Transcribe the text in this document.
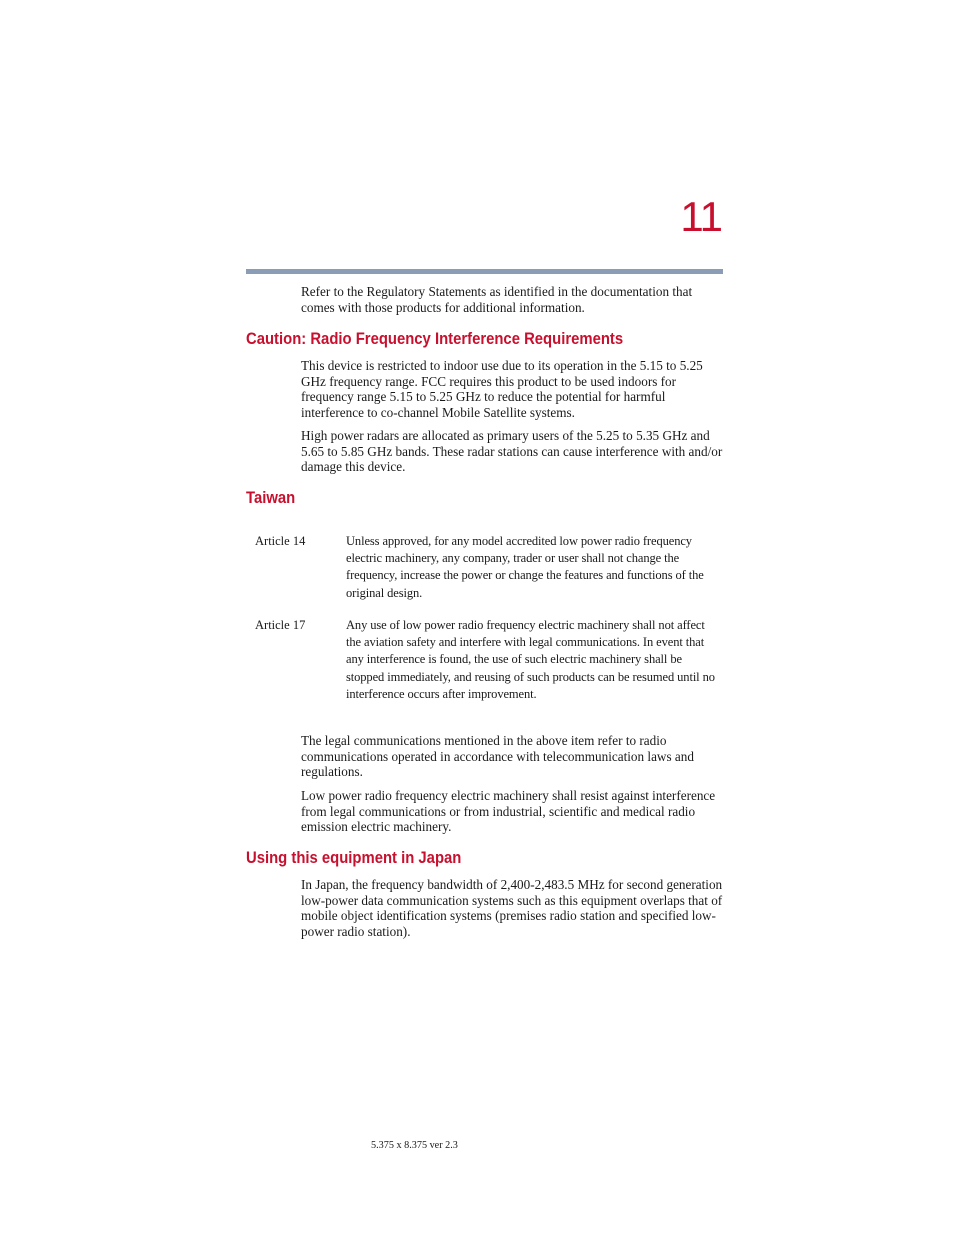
11

Refer to the Regulatory Statements as identified in the documentation that comes with those products for additional information.

Caution: Radio Frequency Interference Requirements

This device is restricted to indoor use due to its operation in the 5.15 to 5.25 GHz frequency range. FCC requires this product to be used indoors for frequency range 5.15 to 5.25 GHz to reduce the potential for harmful interference to co-channel Mobile Satellite systems.

High power radars are allocated as primary users of the 5.25 to 5.35 GHz and 5.65 to 5.85 GHz bands. These radar stations can cause interference with and/or damage this device.

Taiwan

Article 14	Unless approved, for any model accredited low power radio frequency electric machinery, any company, trader or user shall not change the frequency, increase the power or change the features and functions of the original design.

Article 17	Any use of low power radio frequency electric machinery shall not affect the aviation safety and interfere with legal communications. In event that any interference is found, the use of such electric machinery shall be stopped immediately, and reusing of such products can be resumed until no interference occurs after improvement.

The legal communications mentioned in the above item refer to radio communications operated in accordance with telecommunication laws and regulations.

Low power radio frequency electric machinery shall resist against interference from legal communications or from industrial, scientific and medical radio emission electric machinery.

Using this equipment in Japan

In Japan, the frequency bandwidth of 2,400-2,483.5 MHz for second generation low-power data communication systems such as this equipment overlaps that of mobile object identification systems (premises radio station and specified low-power radio station).

5.375 x 8.375 ver 2.3
